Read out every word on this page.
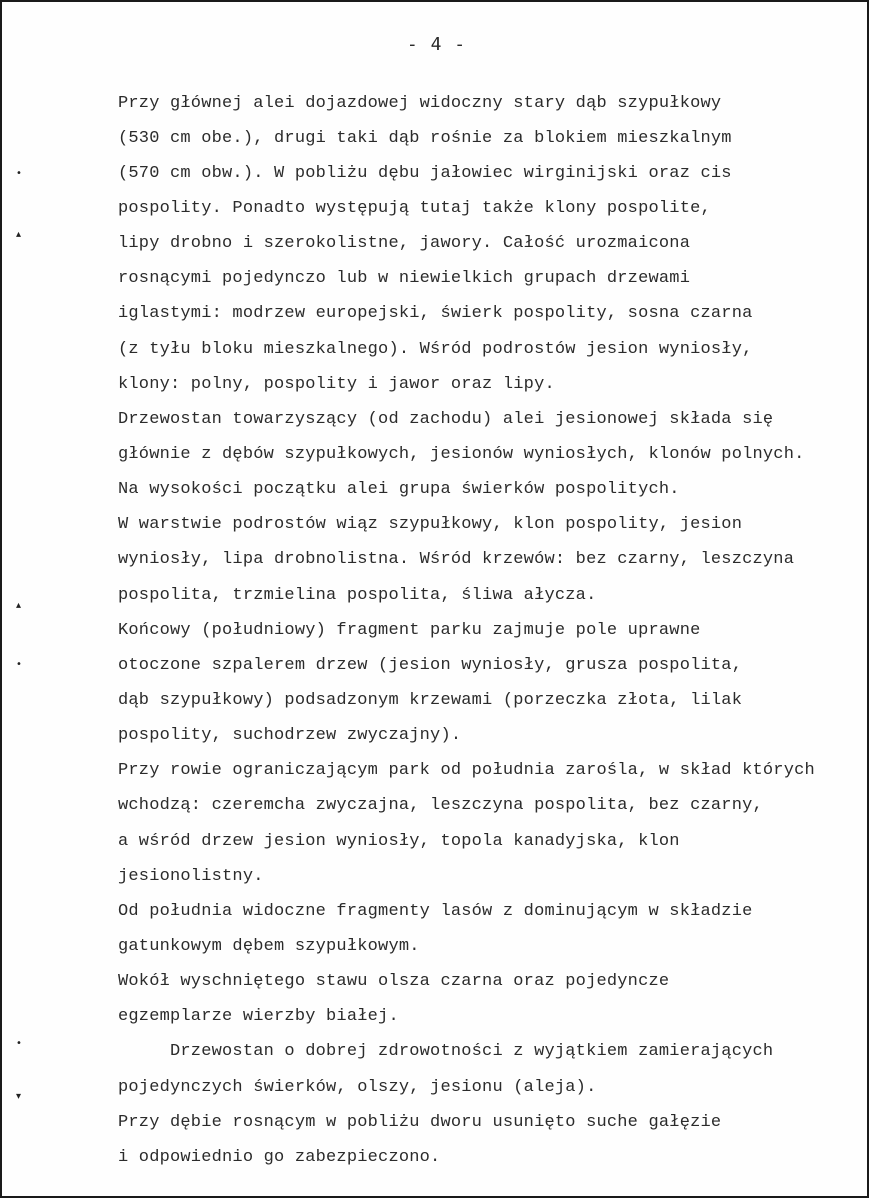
- 4 -
Przy głównej alei dojazdowej widoczny stary dąb szypułkowy
(530 cm obe.), drugi taki dąb rośnie za blokiem mieszkalnym
(570 cm obw.). W pobliżu dębu jałowiec wirginijski oraz cis
pospolity. Ponadto występują tutaj także klony pospolite,
lipy drobno i szerokolistne, jawory. Całość urozmaicona
rosnącymi pojedynczo lub w niewielkich grupach drzewami
iglastymi: modrzew europejski, świerk pospolity, sosna czarna
(z tyłu bloku mieszkalnego). Wśród podrostów jesion wyniosły,
klony: polny, pospolity i jawor oraz lipy.
Drzewostan towarzyszący (od zachodu) alei jesionowej składa się
głównie z dębów szypułkowych, jesionów wyniosłych, klonów polnych.
Na wysokości początku alei grupa świerków pospolitych.
W warstwie podrostów wiąz szypułkowy, klon pospolity, jesion
wyniosły, lipa drobnolistna. Wśród krzewów: bez czarny, leszczyna
pospolita, trzmielina pospolita, śliwa ałycza.
Końcowy (południowy) fragment parku zajmuje pole uprawne
otoczone szpalerem drzew (jesion wyniosły, grusza pospolita,
dąb szypułkowy) podsadzonym krzewami (porzeczka złota, lilak
pospolity, suchodrzew zwyczajny).
Przy rowie ograniczającym park od południa zarośla, w skład których
wchodzą: czeremcha zwyczajna, leszczyna pospolita, bez czarny,
a wśród drzew jesion wyniosły, topola kanadyjska, klon
jesionolistny.
Od południa widoczne fragmenty lasów z dominującym w składzie
gatunkowym dębem szypułkowym.
Wokół wyschniętego stawu olsza czarna oraz pojedyncze
egzemplarze wierzby białej.
Drzewostan o dobrej zdrowotności z wyjątkiem zamierających
pojedynczych świerków, olszy, jesionu (aleja).
Przy dębie rosnącym w pobliżu dworu usunięto suche gałęzie
i odpowiednio go zabezpieczono.
•
▴
▴
•
•
▾
